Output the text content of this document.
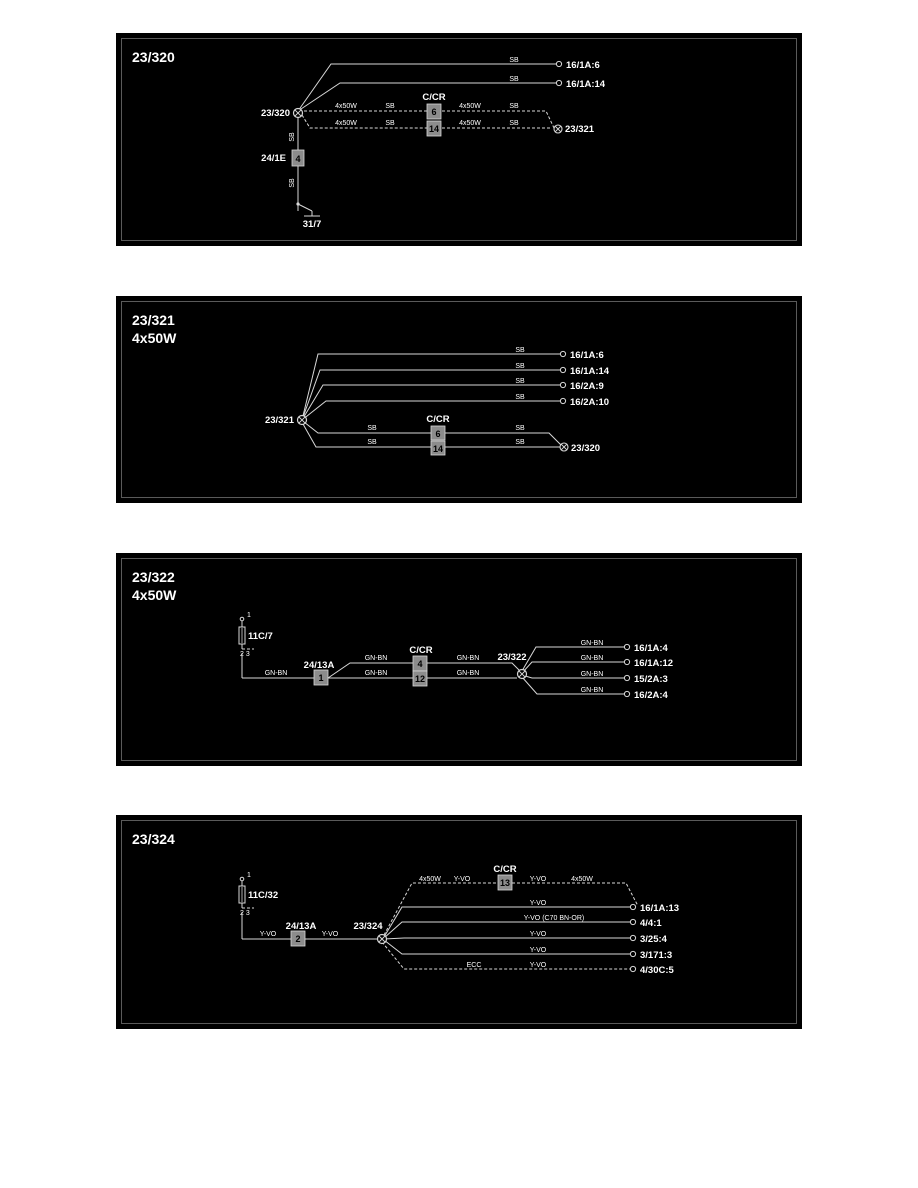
23/320
SB
SB
4
24/1E
31/7
SB
SB
16/1A:6
16/1A:14
4x50W	SB	4x50W	SB
4x50W	SB	4x50W	SB
6
14
C/CR
23/320
23/321
23/321
4x50W
SB
SB
SB
SB
16/1A:6
16/1A:14
16/2A:9
16/2A:10
SB	SB
SB	SB
6
14
C/CR
23/321
23/320
23/322
4x50W
1
11C/7
2 3
GN-BN	1
24/13A
GN-BN
GN-BN
4
12
C/CR
GN-BN
GN-BN
GN-BN
GN-BN
GN-BN
GN-BN
16/1A:4
16/1A:12
15/2A:3
16/2A:4
23/322
23/324
1
11C/32
2 3
Y-VO 2
24/13A
Y-VO
4x50W Y-VO	Y-VO	4x50W
13
C/CR
Y-VO
Y-VO (C70 BN-OR)
Y-VO
Y-VO
Y-VO
ECC
16/1A:13
4/4:1
3/25:4
3/171:3
4/30C:5
23/324
